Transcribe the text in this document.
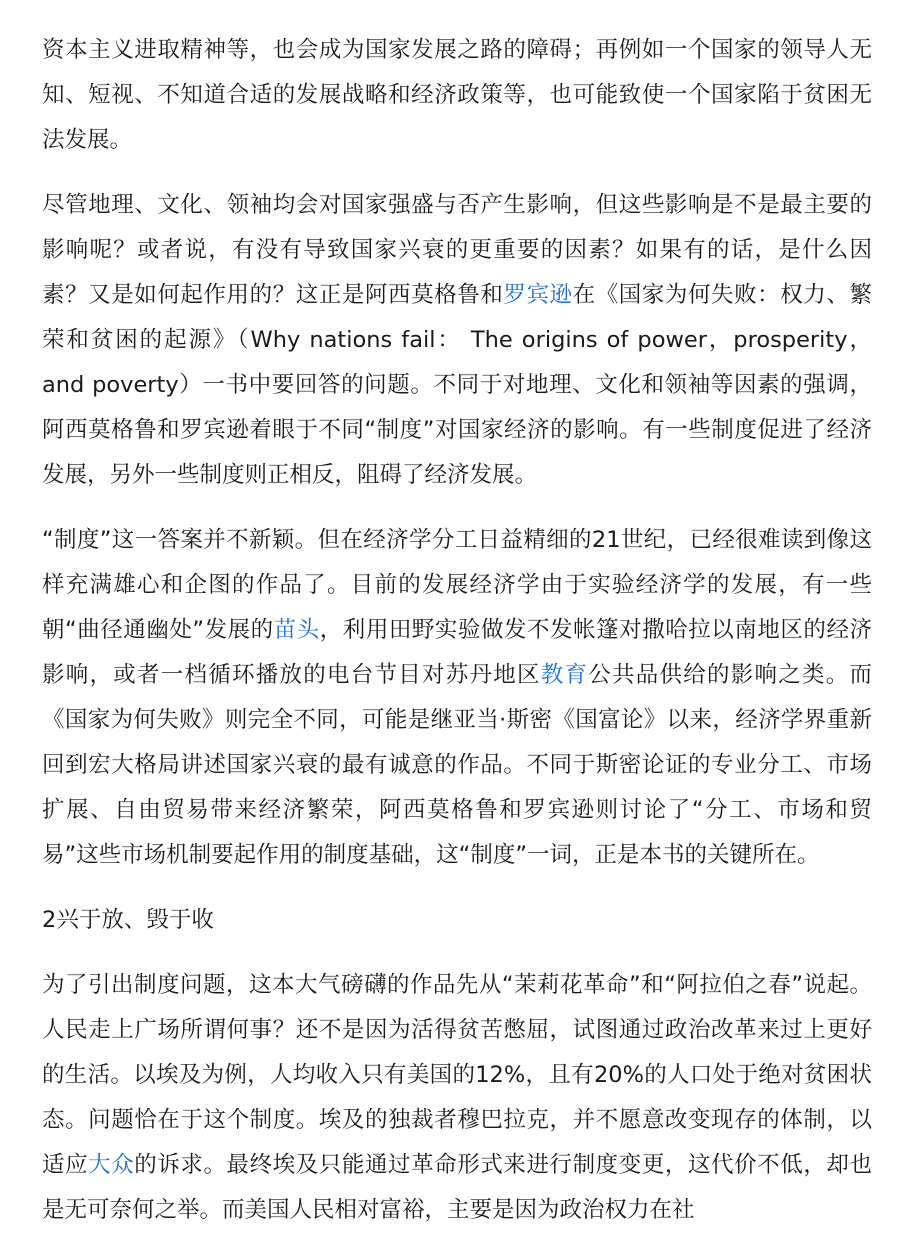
资本主义进取精神等，也会成为国家发展之路的障碍；再例如一个国家的领导人无知、短视、不知道合适的发展战略和经济政策等，也可能致使一个国家陷于贫困无法发展。

尽管地理、文化、领袖均会对国家强盛与否产生影响，但这些影响是不是最主要的影响呢？或者说，有没有导致国家兴衰的更重要的因素？如果有的话，是什么因素？又是如何起作用的？这正是阿西莫格鲁和罗宾逊在《国家为何失败：权力、繁荣和贫困的起源》（Why nations fail： The origins of power，prosperity， and poverty）一书中要回答的问题。不同于对地理、文化和领袖等因素的强调，阿西莫格鲁和罗宾逊着眼于不同“制度”对国家经济的影响。有一些制度促进了经济发展，另外一些制度则正相反，阻碍了经济发展。

“制度”这一答案并不新颖。但在经济学分工日益精细的21世纪，已经很难读到像这样充满雄心和企图的作品了。目前的发展经济学由于实验经济学的发展，有一些朝“曲径通幽处”发展的苗头，利用田野实验做发不发帐篷对撒哈拉以南地区的经济影响，或者一档循环播放的电台节目对苏丹地区教育公共品供给的影响之类。而《国家为何失败》则完全不同，可能是继亚当·斯密《国富论》以来，经济学界重新回到宏大格局讲述国家兴衰的最有诚意的作品。不同于斯密论证的专业分工、市场扩展、自由贸易带来经济繁荣，阿西莫格鲁和罗宾逊则讨论了“分工、市场和贸易”这些市场机制要起作用的制度基础，这“制度”一词，正是本书的关键所在。

2兴于放、毁于收

为了引出制度问题，这本大气磅礴的作品先从“茉莉花革命”和“阿拉伯之春”说起。人民走上广场所谓何事？还不是因为活得贫苦憋屈，试图通过政治改革来过上更好的生活。以埃及为例，人均收入只有美国的12%，且有20%的人口处于绝对贫困状态。问题恰在于这个制度。埃及的独裁者穆巴拉克，并不愿意改变现存的体制，以适应大众的诉求。最终埃及只能通过革命形式来进行制度变更，这代价不低，却也是无可奈何之举。而美国人民相对富裕，主要是因为政治权力在社
